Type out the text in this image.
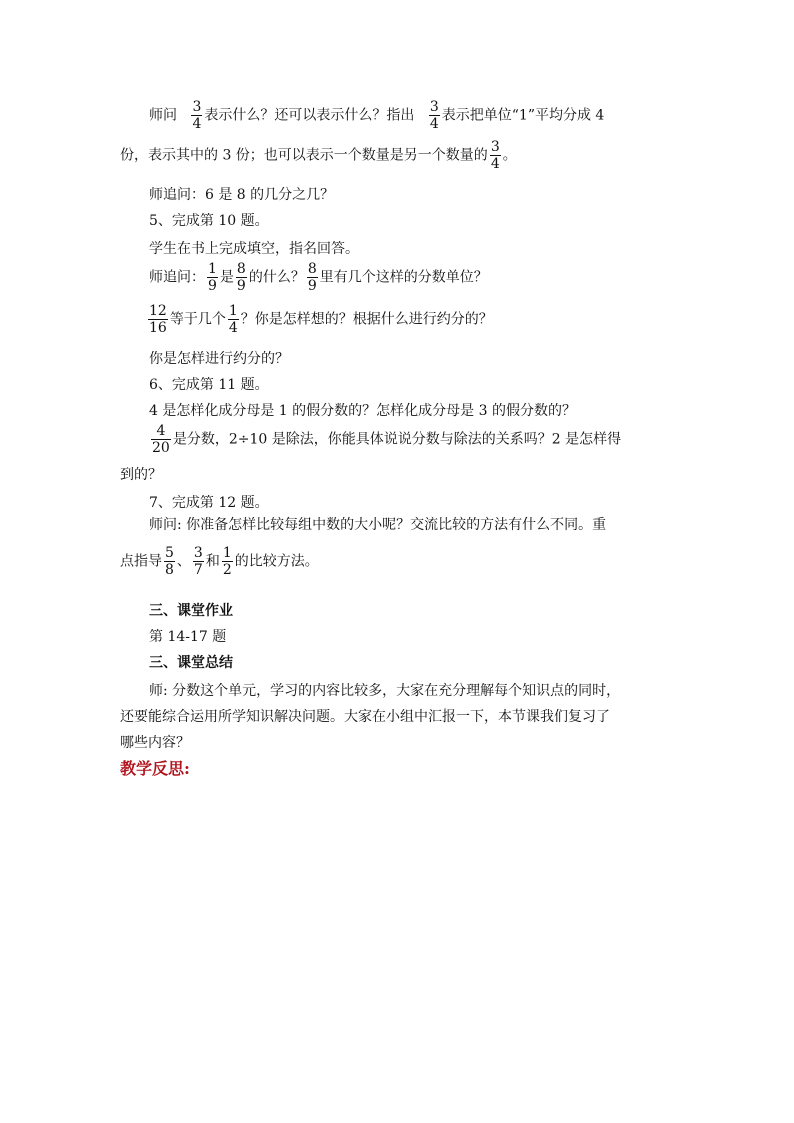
师问 $\frac{3}{4}$ 表示什么？还可以表示什么？指出 $\frac{3}{4}$ 表示把单位“1”平均分成 4
份，表示其中的 3 份；也可以表示一个数量是另一个数量的 $\frac{3}{4}$ 。
师追问：6 是 8 的几分之几？
5、完成第 10 题。
学生在书上完成填空，指名回答。
师追问： $\frac{1}{9}$ 是 $\frac{8}{9}$ 的什么？ $\frac{8}{9}$ 里有几个这样的分数单位？
$\frac{12}{16}$ 等于几个 $\frac{1}{4}$ ？你是怎样想的？根据什么进行约分的？
你是怎样进行约分的？
6、完成第 11 题。
4 是怎样化成分母是 1 的假分数的？怎样化成分母是 3 的假分数的？
$\frac{4}{20}$ 是分数，2÷10 是除法，你能具体说说分数与除法的关系吗？2 是怎样得
到的？
7、完成第 12 题。
师问: 你准备怎样比较每组中数的大小呢？交流比较的方法有什么不同。重
点指导 $\frac{5}{8}$ 、 $\frac{3}{7}$ 和 $\frac{1}{2}$ 的比较方法。
三、课堂作业
第 14-17 题
三、课堂总结
师: 分数这个单元，学习的内容比较多，大家在充分理解每个知识点的同时，
还要能综合运用所学知识解决问题。大家在小组中汇报一下，本节课我们复习了
哪些内容？
教学反思:
